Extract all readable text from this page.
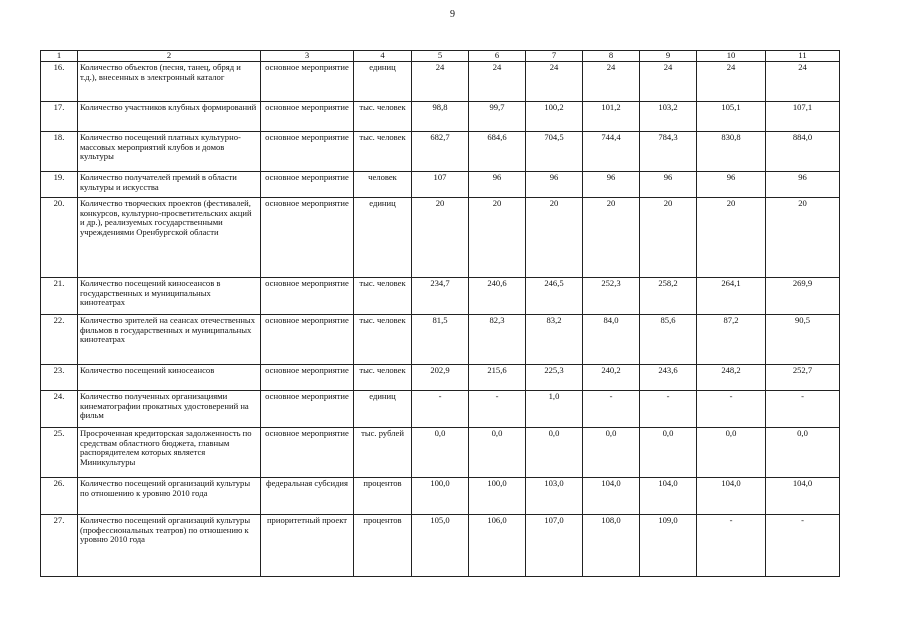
9
1	2	3	4	5	6	7	8	9	10	11
16.	Количество объектов (песня, танец, обряд и т.д.), внесенных в электронный каталог	основное мероприятие	единиц	24	24	24	24	24	24	24
17.	Количество участников клубных формирований	основное мероприятие	тыс. человек	98,8	99,7	100,2	101,2	103,2	105,1	107,1
18.	Количество посещений платных культурно-массовых мероприятий клубов и домов культуры	основное мероприятие	тыс. человек	682,7	684,6	704,5	744,4	784,3	830,8	884,0
19.	Количество получателей премий в области культуры и искусства	основное мероприятие	человек	107	96	96	96	96	96	96
20.	Количество творческих проектов (фестивалей, конкурсов, культурно-просветительских акций и др.), реализуемых государственными учреждениями Оренбургской области	основное мероприятие	единиц	20	20	20	20	20	20	20
21.	Количество посещений киносеансов в государственных и муниципальных кинотеатрах	основное мероприятие	тыс. человек	234,7	240,6	246,5	252,3	258,2	264,1	269,9
22.	Количество зрителей на сеансах отечественных фильмов в государственных и муниципальных кинотеатрах	основное мероприятие	тыс. человек	81,5	82,3	83,2	84,0	85,6	87,2	90,5
23.	Количество посещений киносеансов	основное мероприятие	тыс. человек	202,9	215,6	225,3	240,2	243,6	248,2	252,7
24.	Количество полученных организациями кинематографии прокатных удостоверений на фильм	основное мероприятие	единиц	-	-	1,0	-	-	-	-
25.	Просроченная кредиторская задолженность по средствам областного бюджета, главным распорядителем которых является Миникультуры	основное мероприятие	тыс. рублей	0,0	0,0	0,0	0,0	0,0	0,0	0,0
26.	Количество посещений организаций культуры по отношению к уровню 2010 года	федеральная субсидия	процентов	100,0	100,0	103,0	104,0	104,0	104,0	104,0
27.	Количество посещений организаций культуры (профессиональных театров) по отношению к уровню 2010 года	приоритетный проект	процентов	105,0	106,0	107,0	108,0	109,0	-	-
